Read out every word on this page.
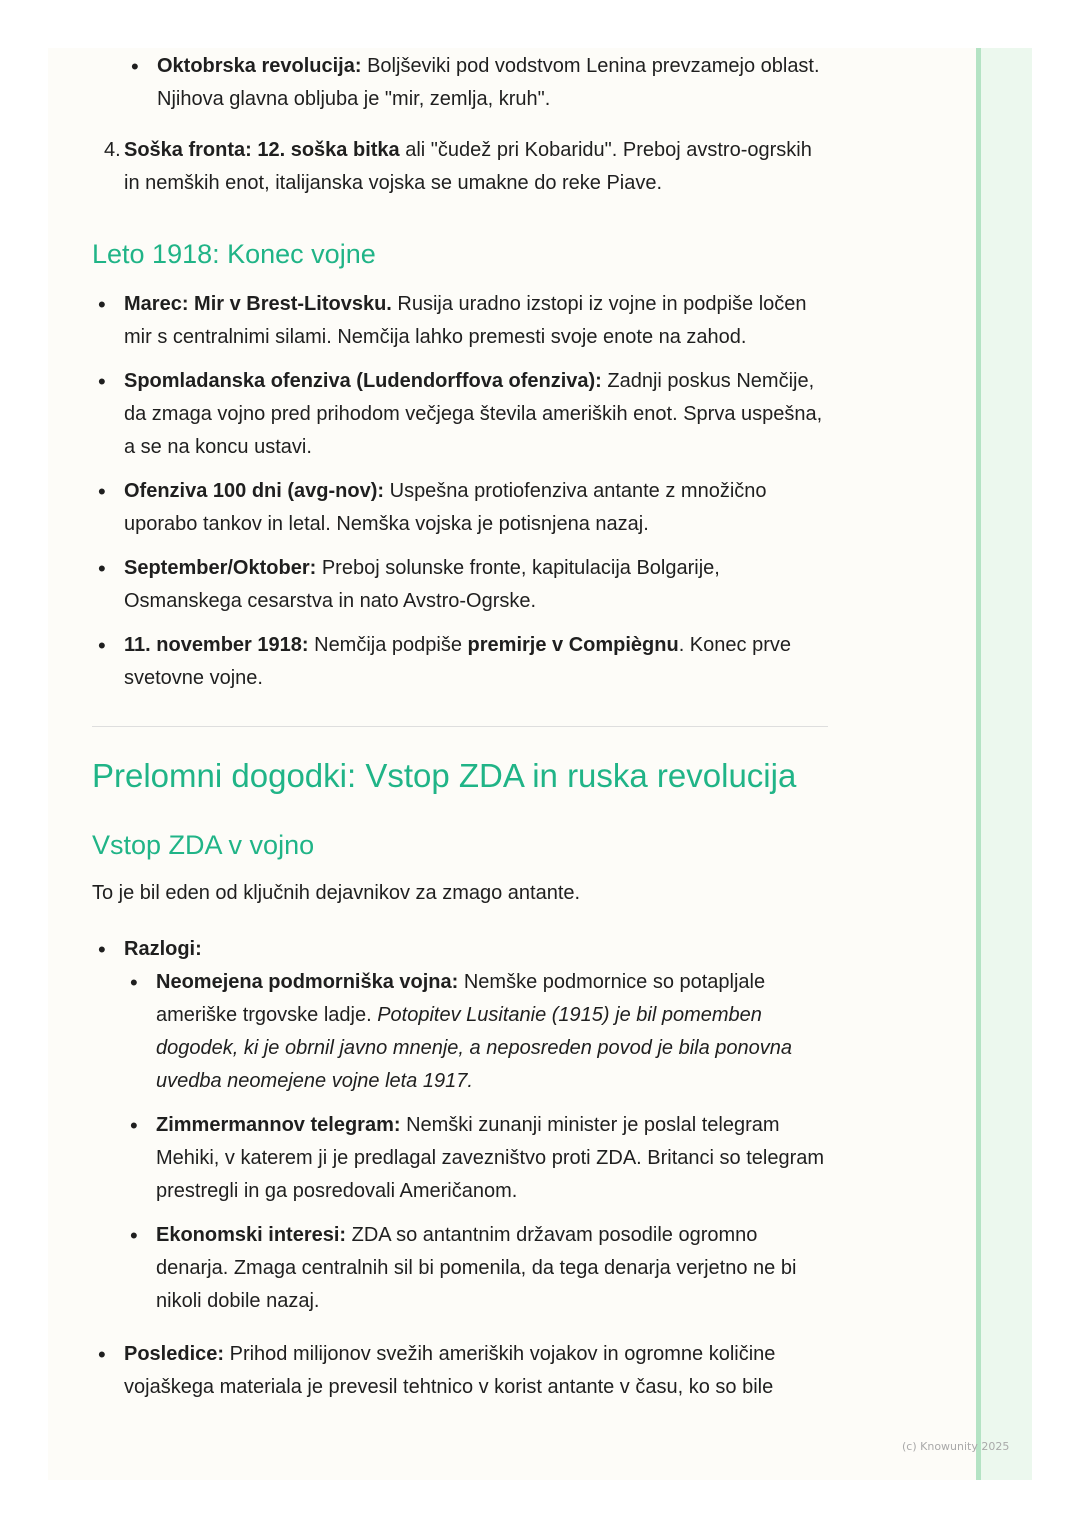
• Oktobrska revolucija: Boljševiki pod vodstvom Lenina prevzamejo oblast. Njihova glavna obljuba je "mir, zemlja, kruh".
4. Soška fronta: 12. soška bitka ali "čudež pri Kobaridu". Preboj avstro-ogrskih in nemških enot, italijanska vojska se umakne do reke Piave.
Leto 1918: Konec vojne
• Marec: Mir v Brest-Litovsku. Rusija uradno izstopi iz vojne in podpiše ločen mir s centralnimi silami. Nemčija lahko premesti svoje enote na zahod.
• Spomladanska ofenziva (Ludendorffova ofenziva): Zadnji poskus Nemčije, da zmaga vojno pred prihodom večjega števila ameriških enot. Sprva uspešna, a se na koncu ustavi.
• Ofenziva 100 dni (avg-nov): Uspešna protiofenziva antante z množično uporabo tankov in letal. Nemška vojska je potisnjena nazaj.
• September/Oktober: Preboj solunske fronte, kapitulacija Bolgarije, Osmanskega cesarstva in nato Avstro-Ogrske.
• 11. november 1918: Nemčija podpiše premirje v Compiègnu. Konec prve svetovne vojne.
Prelomni dogodki: Vstop ZDA in ruska revolucija
Vstop ZDA v vojno

To je bil eden od ključnih dejavnikov za zmago antante.

• Razlogi:
• Neomejena podmorniška vojna: Nemške podmornice so potapljale ameriške trgovske ladje. Potopitev Lusitanie (1915) je bil pomemben dogodek, ki je obrnil javno mnenje, a neposreden povod je bila ponovna uvedba neomejene vojne leta 1917.
• Zimmermannov telegram: Nemški zunanji minister je poslal telegram Mehiki, v katerem ji je predlagal zavezništvo proti ZDA. Britanci so telegram prestregli in ga posredovali Američanom.
• Ekonomski interesi: ZDA so antantnim državam posodile ogromno denarja. Zmaga centralnih sil bi pomenila, da tega denarja verjetno ne bi nikoli dobile nazaj.
• Posledice: Prihod milijonov svežih ameriških vojakov in ogromne količine vojaškega materiala je prevesil tehtnico v korist antante v času, ko so bile
(c) Knowunity 2025
